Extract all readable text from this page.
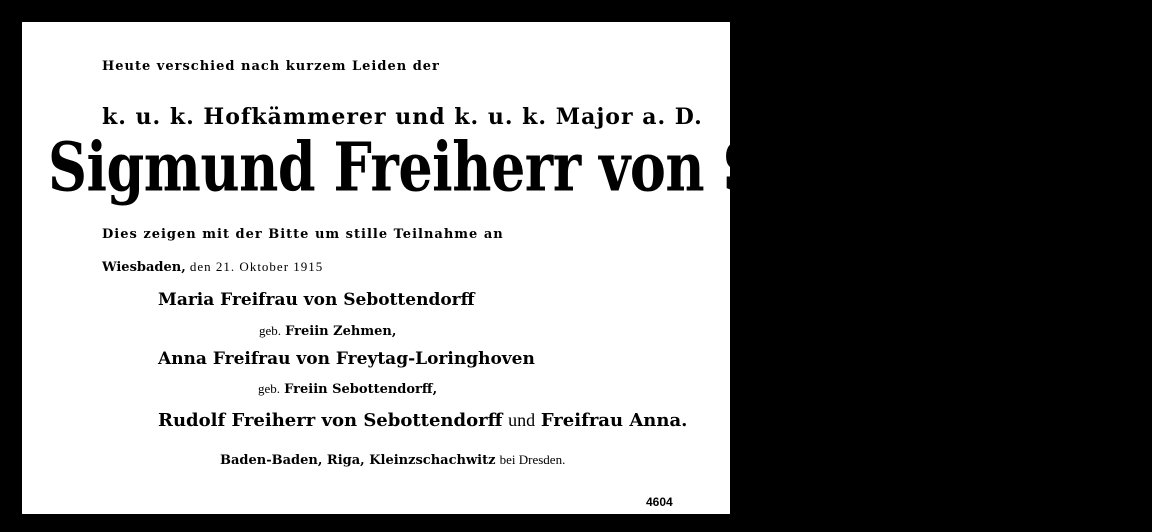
Heute verschied nach kurzem Leiden der
k. u. k. Hofkämmerer und k. u. k. Major a. D.
Sigmund Freiherr von Sebottendorff.
Dies zeigen mit der Bitte um stille Teilnahme an
Wiesbaden, den 21. Oktober 1915
Maria Freifrau von Sebottendorff
geb. Freiin Zehmen,
Anna Freifrau von Freytag-Loringhoven
geb. Freiin Sebottendorff,
Rudolf Freiherr von Sebottendorff und Freifrau Anna.
Baden-Baden, Riga, Kleinzschachwitz bei Dresden.
4604
